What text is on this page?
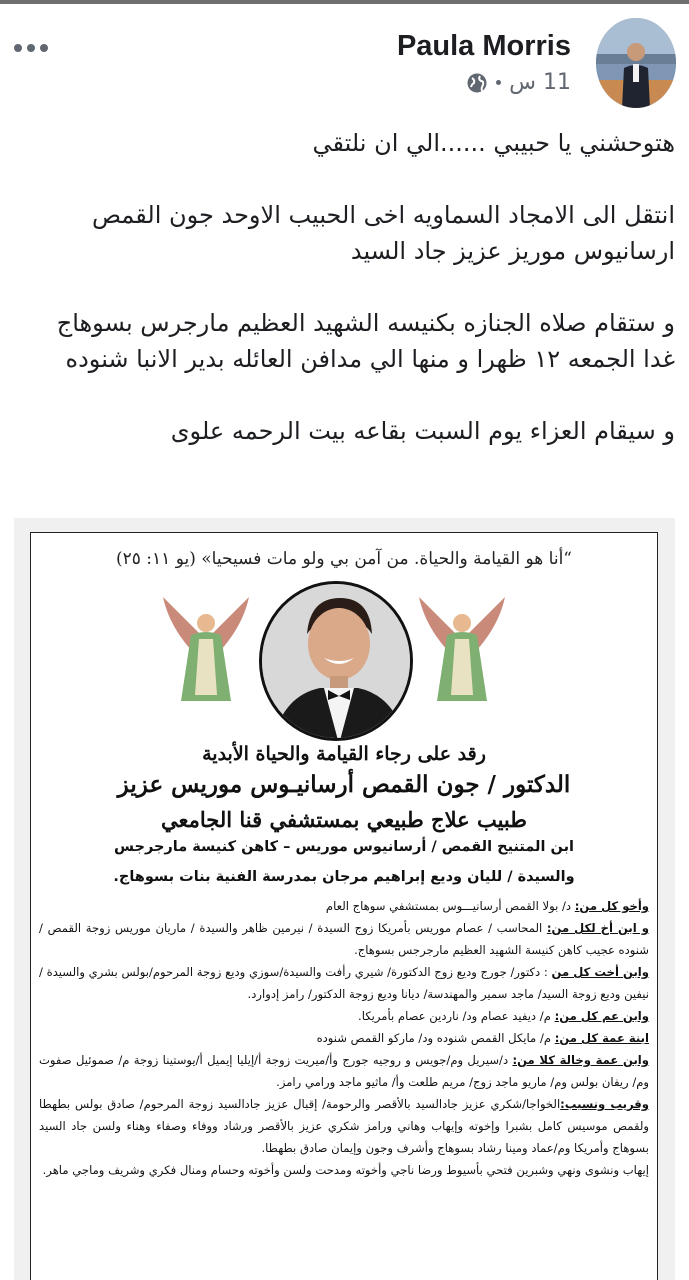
Paula Morris
11 س

هتوحشني يا حبيبي ......الي ان نلتقي

انتقل الى الامجاد السماويه اخى الحبيب الاوحد جون القمص ارسانيوس موريز عزيز جاد السيد

و ستقام صلاه الجنازه بكنيسه الشهيد العظيم مارجرس بسوهاج غدا الجمعه ١٢ ظهرا و منها الي مدافن العائله بدير الانبا شنوده

و سيقام العزاء يوم السبت بقاعه بيت الرحمه علوى

“أنا هو القيامة والحياة. من آمن بي ولو مات فسيحيا» (يو ١١: ٢٥)
رقد على رجاء القيامة والحياة الأبدية
الدكتور / جون القمص أرسانيـوس موريس عزيز
طبيب علاج طبيعي بمستشفي قنا الجامعي
ابن المتنيح القمص / أرسانيوس موريس – كاهن كنيسة مارجرجس
والسيدة / لليان وديع إبراهيم مرجان بمدرسة الفنية بنات بسوهاج.

وأخو كل من: د/ بولا القمص أرسانيـــوس بمستشفي سوهاج العام

و ابن أخ لكل من: المحاسب / عصام موريس بأمريكا زوج السيدة / نيرمين ظاهر والسيدة / ماريان موريس زوجة القمص / شنوده عجيب كاهن كنيسة الشهيد العظيم مارجرجس بسوهاج.

وابن أخت كل من : دكتور/ جورج وديع زوج الدكتورة/ شيري رأفت والسيدة/سوزي وديع زوجة المرحوم/بولس بشري والسيدة /نيفين وديع زوجة السيد/ ماجد سمير والمهندسة/ ديانا وديع زوجة الدكتور/ رامز إدوارد.

وابن عم كل من: م/ ديفيد عصام ود/ ناردين عصام بأمريكا.

ابنة عمة كل من: م/ مايكل القمص شنوده ود/ ماركو القمص شنوده

وابن عمة وخالة كلا من: د/سيريل وم/جويس و روجيه جورج وأ/ميريت زوجة أ/إيليا إيميل أ/يوستينا زوجة م/ صموئيل صفوت وم/ ريفان بولس وم/ ماريو ماجد زوج/ مريم طلعت وأ/ ماثيو ماجد ورامي رامز.

وقريب ونسيب:الخواجا/شكري عزيز جادالسيد بالأقصر والرحومة/ إقبال عزيز جادالسيد زوجة المرحوم/ صادق بولس بطهطا ولقمص موسيس كامل بشبرا وإخوته وإيهاب وهاني ورامز شكري عزيز بالأقصر ورشاد ووفاء وصفاء وهناء ولسن جاد السيد بسوهاج وأمريكا وم/عماد ومينا رشاد بسوهاج وأشرف وجون وإيمان صادق بطهطا.

إيهاب ونشوى ونهي وشبرين فتحي بأسيوط ورضا ناجي وأخوته ومدحت ولسن وأخوته وحسام ومنال فكري وشريف وماجي ماهر.
